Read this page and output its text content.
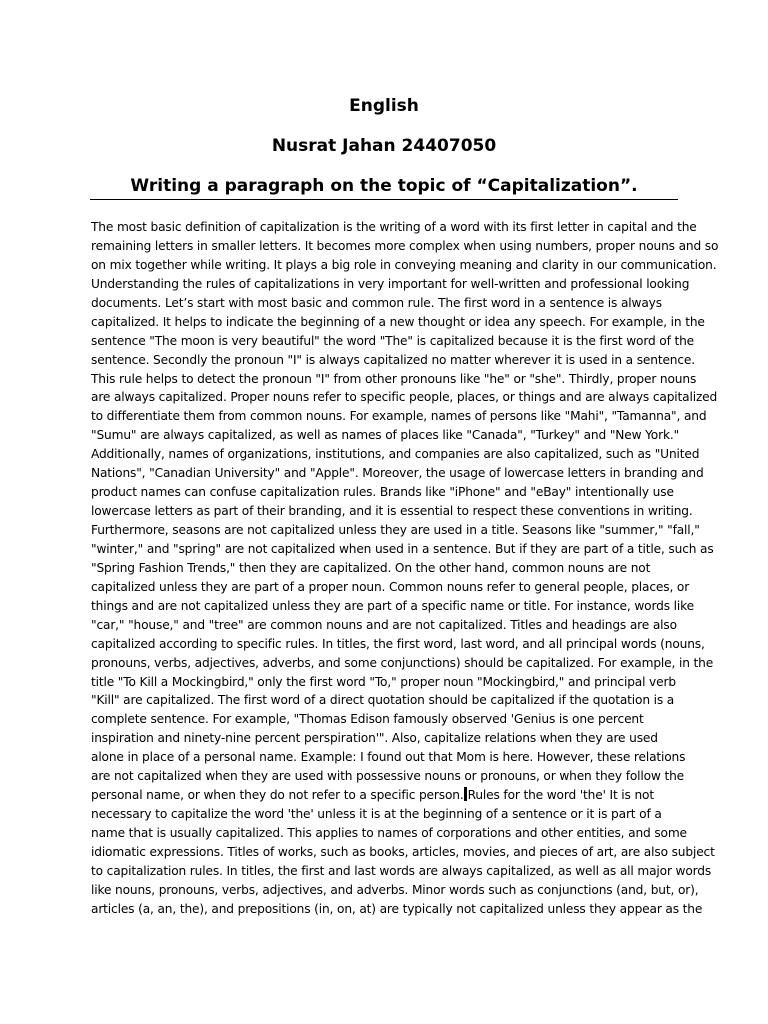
English
Nusrat Jahan 24407050
Writing a paragraph on the topic of “Capitalization”.
The most basic definition of capitalization is the writing of a word with its first letter in capital and the
remaining letters in smaller letters. It becomes more complex when using numbers, proper nouns and so
on mix together while writing. It plays a big role in conveying meaning and clarity in our communication.
Understanding the rules of capitalizations in very important for well-written and professional looking
documents. Let’s start with most basic and common rule. The first word in a sentence is always
capitalized. It helps to indicate the beginning of a new thought or idea any speech. For example, in the
sentence "The moon is very beautiful" the word "The" is capitalized because it is the first word of the
sentence. Secondly the pronoun "I" is always capitalized no matter wherever it is used in a sentence.
This rule helps to detect the pronoun "I" from other pronouns like "he" or "she". Thirdly, proper nouns
are always capitalized. Proper nouns refer to specific people, places, or things and are always capitalized
to differentiate them from common nouns. For example, names of persons like "Mahi", "Tamanna", and
"Sumu" are always capitalized, as well as names of places like "Canada", "Turkey" and "New York."
Additionally, names of organizations, institutions, and companies are also capitalized, such as "United
Nations", "Canadian University" and "Apple". Moreover, the usage of lowercase letters in branding and
product names can confuse capitalization rules. Brands like "iPhone" and "eBay" intentionally use
lowercase letters as part of their branding, and it is essential to respect these conventions in writing.
Furthermore, seasons are not capitalized unless they are used in a title. Seasons like "summer," "fall,"
"winter," and "spring" are not capitalized when used in a sentence. But if they are part of a title, such as
"Spring Fashion Trends," then they are capitalized. On the other hand, common nouns are not
capitalized unless they are part of a proper noun. Common nouns refer to general people, places, or
things and are not capitalized unless they are part of a specific name or title. For instance, words like
"car," "house," and "tree" are common nouns and are not capitalized. Titles and headings are also
capitalized according to specific rules. In titles, the first word, last word, and all principal words (nouns,
pronouns, verbs, adjectives, adverbs, and some conjunctions) should be capitalized. For example, in the
title "To Kill a Mockingbird," only the first word "To," proper noun "Mockingbird," and principal verb
"Kill" are capitalized. The first word of a direct quotation should be capitalized if the quotation is a
complete sentence. For example, "Thomas Edison famously observed 'Genius is one percent
inspiration and ninety-nine percent perspiration'". Also, capitalize relations when they are used
alone in place of a personal name. Example: I found out that Mom is here. However, these relations
are not capitalized when they are used with possessive nouns or pronouns, or when they follow the
personal name, or when they do not refer to a specific person. Rules for the word 'the' It is not
necessary to capitalize the word 'the' unless it is at the beginning of a sentence or it is part of a
name that is usually capitalized. This applies to names of corporations and other entities, and some
idiomatic expressions. Titles of works, such as books, articles, movies, and pieces of art, are also subject
to capitalization rules. In titles, the first and last words are always capitalized, as well as all major words
like nouns, pronouns, verbs, adjectives, and adverbs. Minor words such as conjunctions (and, but, or),
articles (a, an, the), and prepositions (in, on, at) are typically not capitalized unless they appear as the
